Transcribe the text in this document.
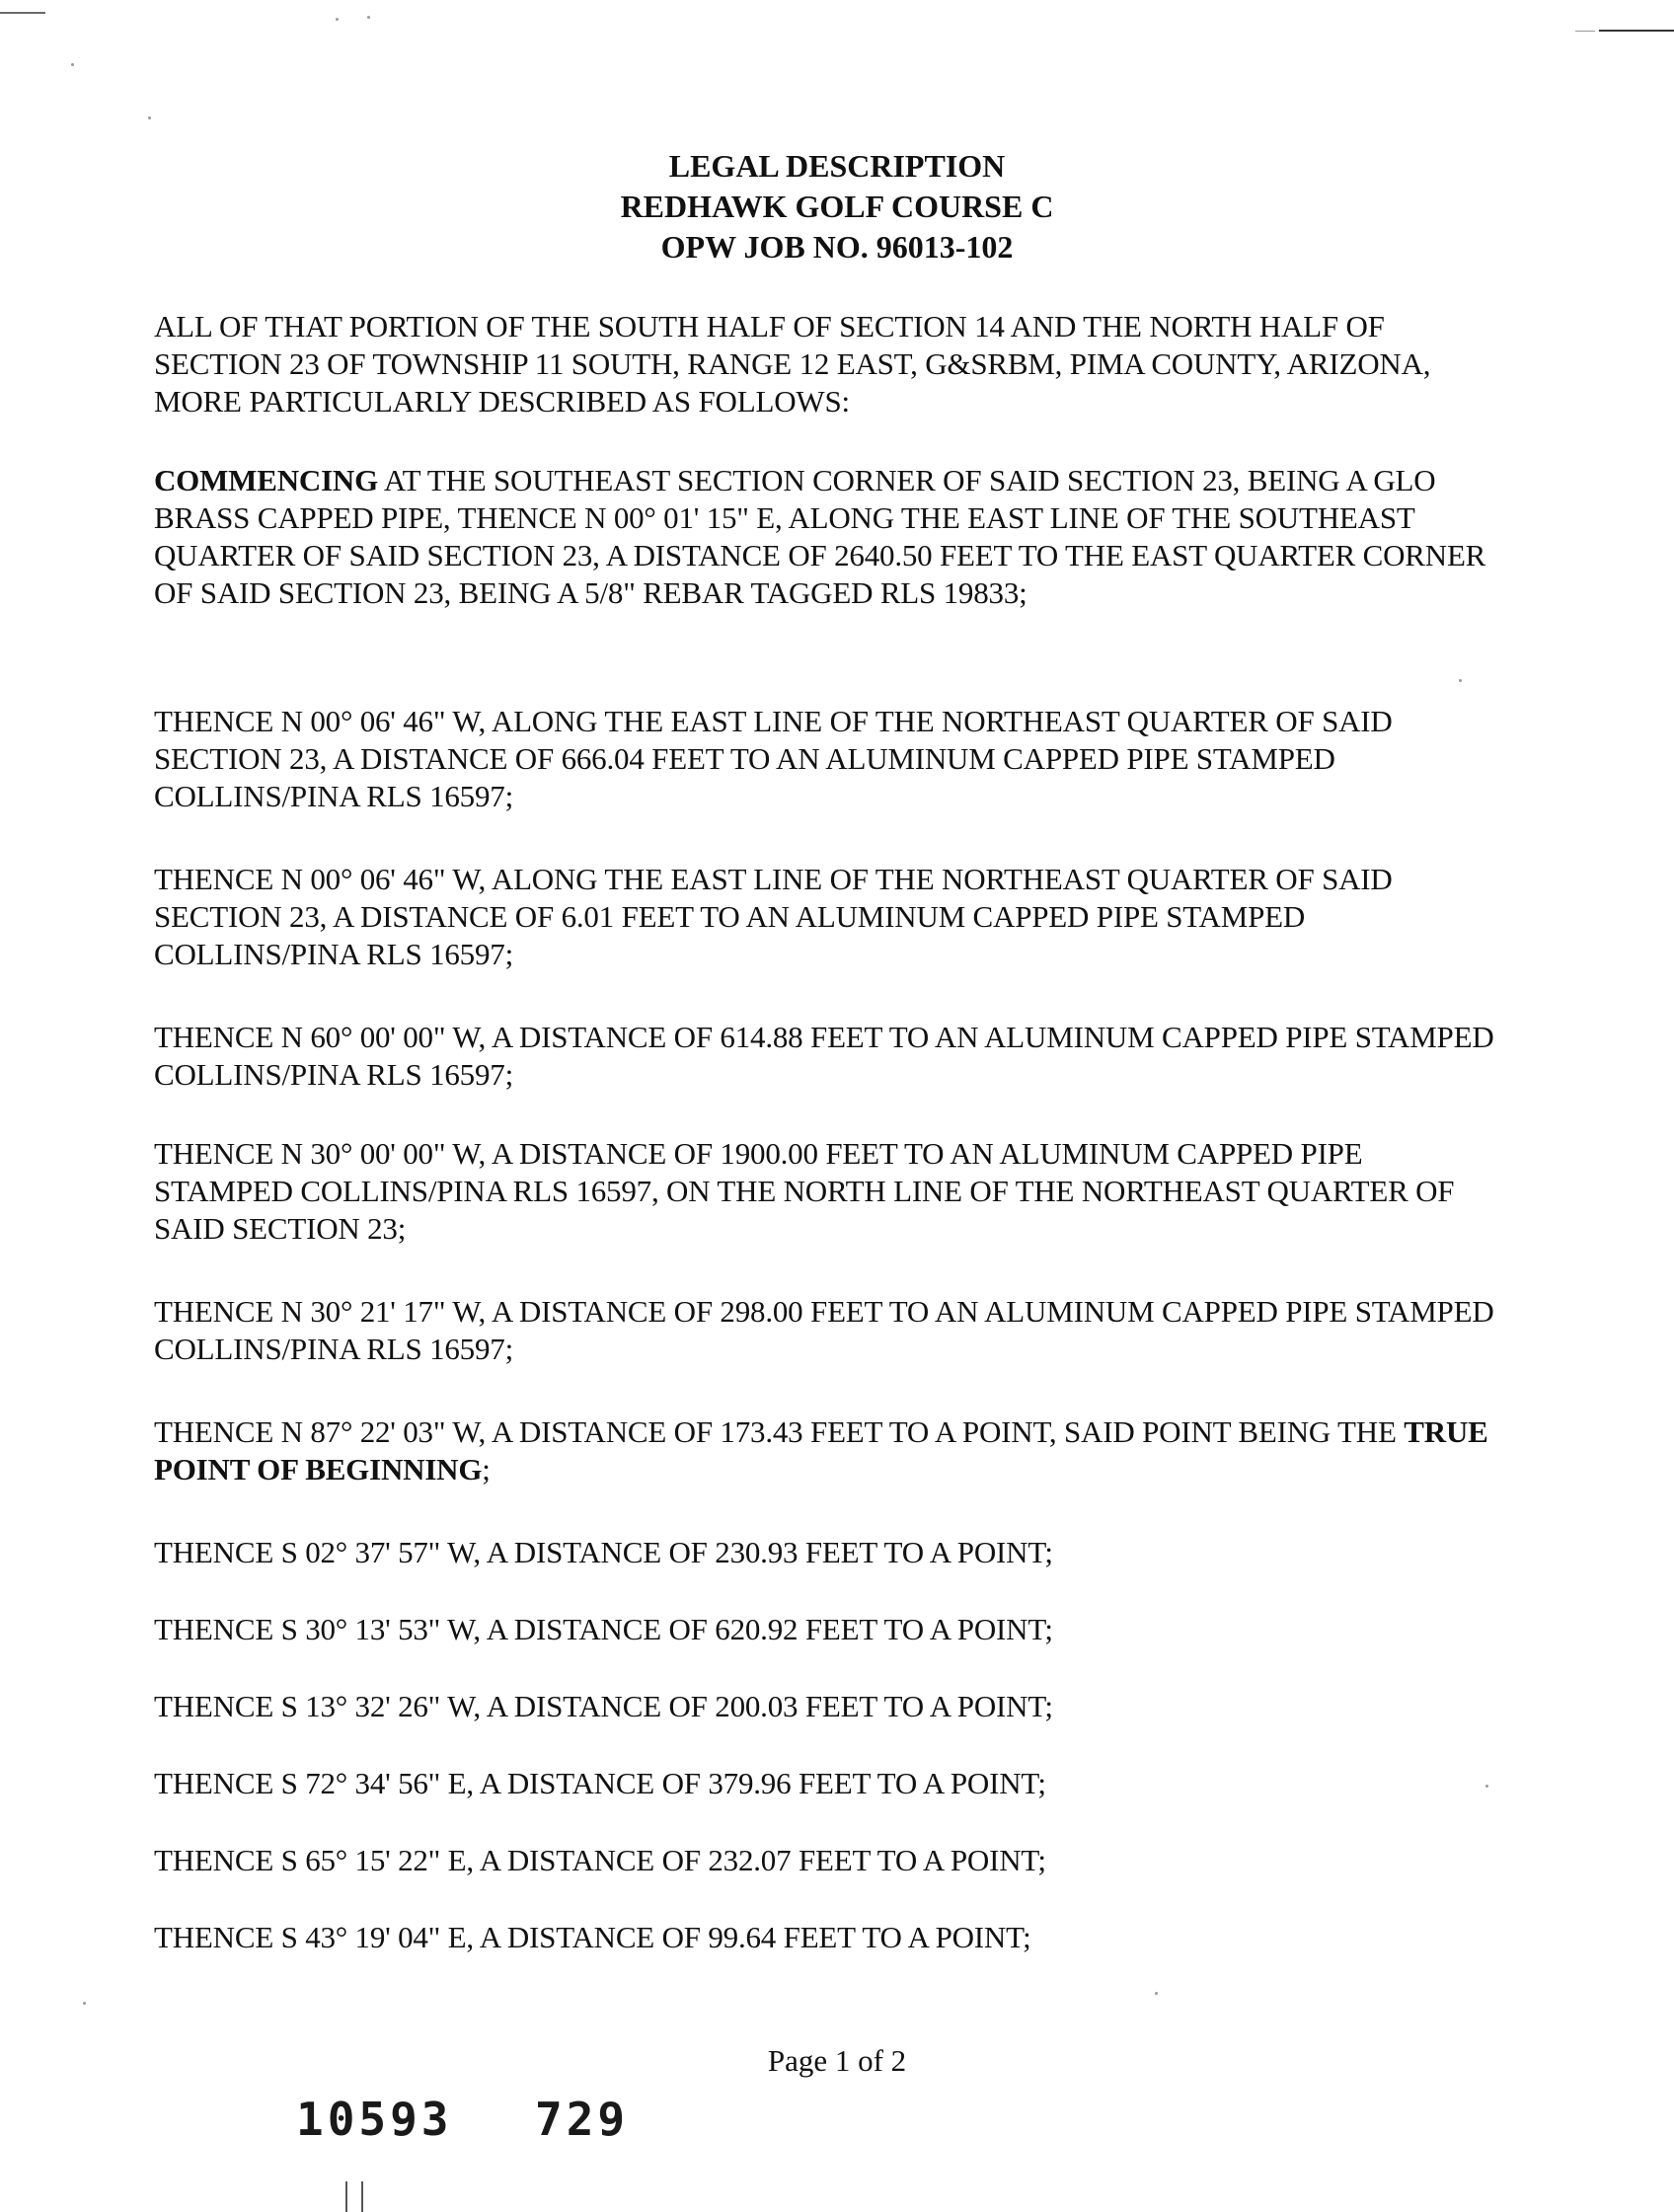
LEGAL DESCRIPTION
REDHAWK GOLF COURSE C
OPW JOB NO. 96013-102
ALL OF THAT PORTION OF THE SOUTH HALF OF SECTION 14 AND THE NORTH HALF OF SECTION 23 OF TOWNSHIP 11 SOUTH, RANGE 12 EAST, G&SRBM, PIMA COUNTY, ARIZONA, MORE PARTICULARLY DESCRIBED AS FOLLOWS:
COMMENCING AT THE SOUTHEAST SECTION CORNER OF SAID SECTION 23, BEING A GLO BRASS CAPPED PIPE, THENCE N 00° 01' 15" E, ALONG THE EAST LINE OF THE SOUTHEAST QUARTER OF SAID SECTION 23, A DISTANCE OF 2640.50 FEET TO THE EAST QUARTER CORNER OF SAID SECTION 23, BEING A 5/8" REBAR TAGGED RLS 19833;
THENCE N 00° 06' 46" W, ALONG THE EAST LINE OF THE NORTHEAST QUARTER OF SAID SECTION 23, A DISTANCE OF 666.04 FEET TO AN ALUMINUM CAPPED PIPE STAMPED COLLINS/PINA RLS 16597;
THENCE N 00° 06' 46" W, ALONG THE EAST LINE OF THE NORTHEAST QUARTER OF SAID SECTION 23, A DISTANCE OF 6.01 FEET TO AN ALUMINUM CAPPED PIPE STAMPED COLLINS/PINA RLS 16597;
THENCE N 60° 00' 00" W, A DISTANCE OF 614.88 FEET TO AN ALUMINUM CAPPED PIPE STAMPED COLLINS/PINA RLS 16597;
THENCE N 30° 00' 00" W, A DISTANCE OF 1900.00 FEET TO AN ALUMINUM CAPPED PIPE STAMPED COLLINS/PINA RLS 16597, ON THE NORTH LINE OF THE NORTHEAST QUARTER OF SAID SECTION 23;
THENCE N 30° 21' 17" W, A DISTANCE OF 298.00 FEET TO AN ALUMINUM CAPPED PIPE STAMPED COLLINS/PINA RLS 16597;
THENCE N 87° 22' 03" W, A DISTANCE OF 173.43 FEET TO A POINT, SAID POINT BEING THE TRUE POINT OF BEGINNING;
THENCE S 02° 37' 57" W, A DISTANCE OF 230.93 FEET TO A POINT;
THENCE S 30° 13' 53" W, A DISTANCE OF 620.92 FEET TO A POINT;
THENCE S 13° 32' 26" W, A DISTANCE OF 200.03 FEET TO A POINT;
THENCE S 72° 34' 56" E, A DISTANCE OF 379.96 FEET TO A POINT;
THENCE S 65° 15' 22" E, A DISTANCE OF 232.07 FEET TO A POINT;
THENCE S 43° 19' 04" E, A DISTANCE OF 99.64 FEET TO A POINT;
Page 1 of 2
10593 729
